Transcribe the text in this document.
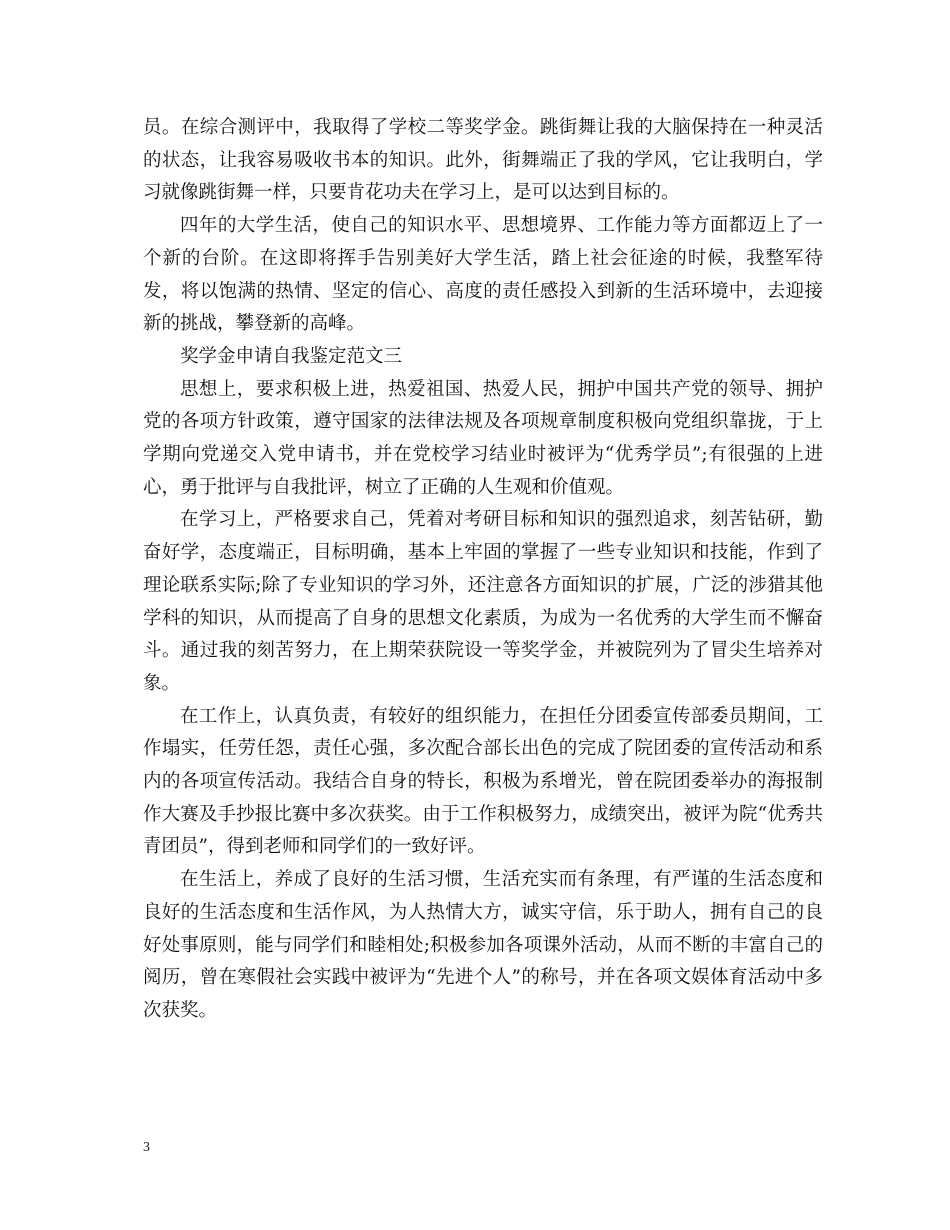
员。在综合测评中，我取得了学校二等奖学金。跳街舞让我的大脑保持在一种灵活的状态，让我容易吸收书本的知识。此外，街舞端正了我的学风，它让我明白，学习就像跳街舞一样，只要肯花功夫在学习上，是可以达到目标的。

四年的大学生活，使自己的知识水平、思想境界、工作能力等方面都迈上了一个新的台阶。在这即将挥手告别美好大学生活，踏上社会征途的时候，我整军待发，将以饱满的热情、坚定的信心、高度的责任感投入到新的生活环境中，去迎接新的挑战，攀登新的高峰。

奖学金申请自我鉴定范文三

思想上，要求积极上进，热爱祖国、热爱人民，拥护中国共产党的领导、拥护党的各项方针政策，遵守国家的法律法规及各项规章制度积极向党组织靠拢，于上学期向党递交入党申请书，并在党校学习结业时被评为“优秀学员”;有很强的上进心，勇于批评与自我批评，树立了正确的人生观和价值观。

在学习上，严格要求自己，凭着对考研目标和知识的强烈追求，刻苦钻研，勤奋好学，态度端正，目标明确，基本上牢固的掌握了一些专业知识和技能，作到了理论联系实际;除了专业知识的学习外，还注意各方面知识的扩展，广泛的涉猎其他学科的知识，从而提高了自身的思想文化素质，为成为一名优秀的大学生而不懈奋斗。通过我的刻苦努力，在上期荣获院设一等奖学金，并被院列为了冒尖生培养对象。

在工作上，认真负责，有较好的组织能力，在担任分团委宣传部委员期间，工作塌实，任劳任怨，责任心强，多次配合部长出色的完成了院团委的宣传活动和系内的各项宣传活动。我结合自身的特长，积极为系增光，曾在院团委举办的海报制作大赛及手抄报比赛中多次获奖。由于工作积极努力，成绩突出，被评为院“优秀共青团员”，得到老师和同学们的一致好评。

在生活上，养成了良好的生活习惯，生活充实而有条理，有严谨的生活态度和良好的生活态度和生活作风，为人热情大方，诚实守信，乐于助人，拥有自己的良好处事原则，能与同学们和睦相处;积极参加各项课外活动，从而不断的丰富自己的阅历，曾在寒假社会实践中被评为“先进个人”的称号，并在各项文娱体育活动中多次获奖。

3
